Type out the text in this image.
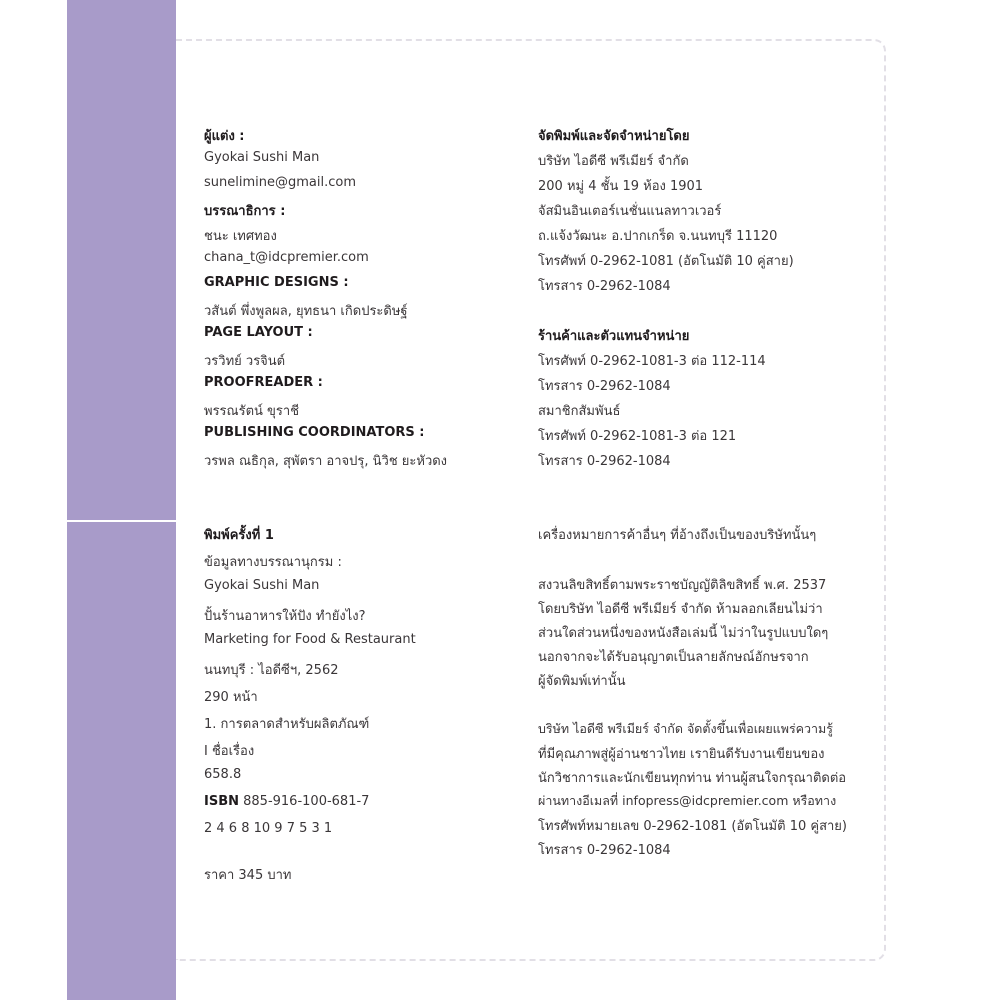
ผู้แต่ง :
Gyokai Sushi Man
sunelimine@gmail.com
บรรณาธิการ :
ชนะ เทศทอง
chana_t@idcpremier.com
GRAPHIC DESIGNS :
วสันต์ พึ่งพูลผล, ยุทธนา เกิดประดิษฐ์
PAGE LAYOUT :
วรวิทย์ วรจินต์
PROOFREADER :
พรรณรัตน์ ขุราชี
PUBLISHING COORDINATORS :
วรพล ณธิกุล, สุพัตรา อาจปรุ, นิวิช ยะหัวดง
จัดพิมพ์และจัดจำหน่ายโดย
บริษัท ไอดีซี พรีเมียร์ จำกัด
200 หมู่ 4 ชั้น 19 ห้อง 1901
จัสมินอินเตอร์เนชั่นแนลทาวเวอร์
ถ.แจ้งวัฒนะ อ.ปากเกร็ด จ.นนทบุรี 11120
โทรศัพท์ 0-2962-1081 (อัตโนมัติ 10 คู่สาย)
โทรสาร 0-2962-1084
ร้านค้าและตัวแทนจำหน่าย
โทรศัพท์ 0-2962-1081-3 ต่อ 112-114
โทรสาร 0-2962-1084
สมาชิกสัมพันธ์
โทรศัพท์ 0-2962-1081-3 ต่อ 121
โทรสาร 0-2962-1084
พิมพ์ครั้งที่ 1
ข้อมูลทางบรรณานุกรม :
Gyokai Sushi Man
ปั้นร้านอาหารให้ปัง ทำยังไง?
Marketing for Food & Restaurant
นนทบุรี : ไอดีซีฯ, 2562
290 หน้า
1. การตลาดสำหรับผลิตภัณฑ์
I ชื่อเรื่อง
658.8
ISBN 885-916-100-681-7
2 4 6 8 10 9 7 5 3 1
ราคา 345 บาท
เครื่องหมายการค้าอื่นๆ ที่อ้างถึงเป็นของบริษัทนั้นๆ
สงวนลิขสิทธิ์ตามพระราชบัญญัติลิขสิทธิ์ พ.ศ. 2537
โดยบริษัท ไอดีซี พรีเมียร์ จำกัด ห้ามลอกเลียนไม่ว่า
ส่วนใดส่วนหนึ่งของหนังสือเล่มนี้ ไม่ว่าในรูปแบบใดๆ
นอกจากจะได้รับอนุญาตเป็นลายลักษณ์อักษรจาก
ผู้จัดพิมพ์เท่านั้น
บริษัท ไอดีซี พรีเมียร์ จำกัด จัดตั้งขึ้นเพื่อเผยแพร่ความรู้
ที่มีคุณภาพสู่ผู้อ่านชาวไทย เรายินดีรับงานเขียนของ
นักวิชาการและนักเขียนทุกท่าน ท่านผู้สนใจกรุณาติดต่อ
ผ่านทางอีเมลที่ infopress@idcpremier.com หรือทาง
โทรศัพท์หมายเลข 0-2962-1081 (อัตโนมัติ 10 คู่สาย)
โทรสาร 0-2962-1084
